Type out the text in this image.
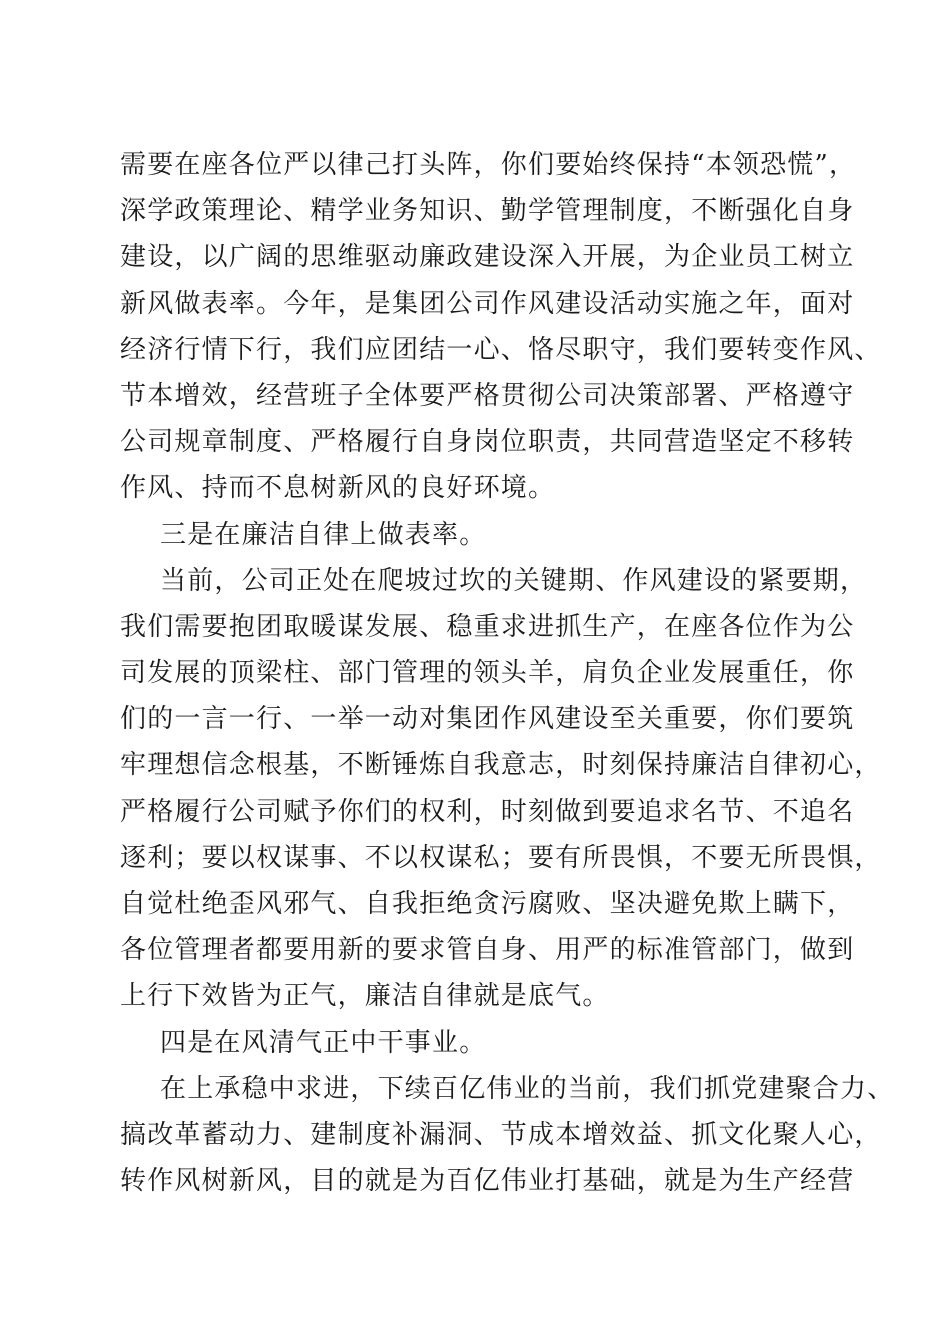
需要在座各位严以律己打头阵，你们要始终保持“本领恐慌”，
深学政策理论、精学业务知识、勤学管理制度，不断强化自身
建设，以广阔的思维驱动廉政建设深入开展，为企业员工树立
新风做表率。今年，是集团公司作风建设活动实施之年，面对
经济行情下行，我们应团结一心、恪尽职守，我们要转变作风、
节本增效，经营班子全体要严格贯彻公司决策部署、严格遵守
公司规章制度、严格履行自身岗位职责，共同营造坚定不移转
作风、持而不息树新风的良好环境。
三是在廉洁自律上做表率。
当前，公司正处在爬坡过坎的关键期、作风建设的紧要期，
我们需要抱团取暖谋发展、稳重求进抓生产，在座各位作为公
司发展的顶梁柱、部门管理的领头羊，肩负企业发展重任，你
们的一言一行、一举一动对集团作风建设至关重要，你们要筑
牢理想信念根基，不断锤炼自我意志，时刻保持廉洁自律初心，
严格履行公司赋予你们的权利，时刻做到要追求名节、不追名
逐利；要以权谋事、不以权谋私；要有所畏惧，不要无所畏惧，
自觉杜绝歪风邪气、自我拒绝贪污腐败、坚决避免欺上瞒下，
各位管理者都要用新的要求管自身、用严的标准管部门，做到
上行下效皆为正气，廉洁自律就是底气。
四是在风清气正中干事业。
在上承稳中求进，下续百亿伟业的当前，我们抓党建聚合力、
搞改革蓄动力、建制度补漏洞、节成本增效益、抓文化聚人心，
转作风树新风，目的就是为百亿伟业打基础，就是为生产经营
